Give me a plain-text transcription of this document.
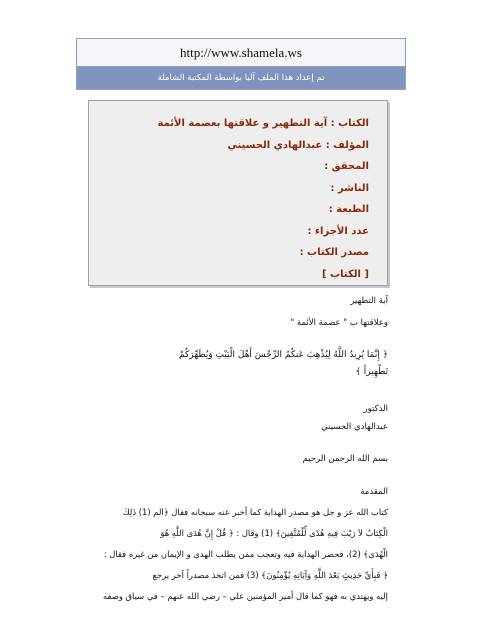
http://www.shamela.ws
تم إعداد هذا الملف آليا بواسطة المكتبة الشاملة
الكتاب : آية التطهير و علاقتها بعصمة الأئمة
المؤلف : عبدالهادي الحسيني
المحقق :
الناشر :
الطبعة :
عدد الأجزاء :
مصدر الكتاب :
[ الكتاب ]
آية التطهير
وعلاقتها ب " عصمة الأئمة "
﴿ إِنَّمَا يُرِيدُ اللَّهُ لِيُذْهِبَ عَنكُمُ الرِّجْسَ أَهْلَ الْبَيْتِ وَيُطَهِّرَكُمْ
تَطْهِيراً ﴾
الدكتور
عبدالهادي الحسيني
بسم الله الرحمن الرحيم
المقدمة
كتاب الله عز و جل هو مصدر الهداية كما أخبر عنه سبحانه فقال ﴿الم (1) ذَلِكَ
الْكِتَابُ لاَ رَيْبَ فِيهِ هُدًى لِّلْمُتَّقِينَ﴾ (1) وقال : ﴿ قُلْ إِنَّ هُدَى اللَّهِ هُوَ
الْهُدَى﴾ (2)، فحصر الهداية فيه وتعجب ممن يطلب الهدى و الإيمان من غيره فقال :
﴿ فَبِأَيِّ حَدِيثٍ بَعْدَ اللَّهِ وَآيَاتِهِ يُؤْمِنُونَ﴾ (3) فمن اتخذ مصدراً آخر يرجع
إليه ويهتدي به فهو كما قال أمير المؤمنين علي – رضي الله عنهم – في سياق وصفه
